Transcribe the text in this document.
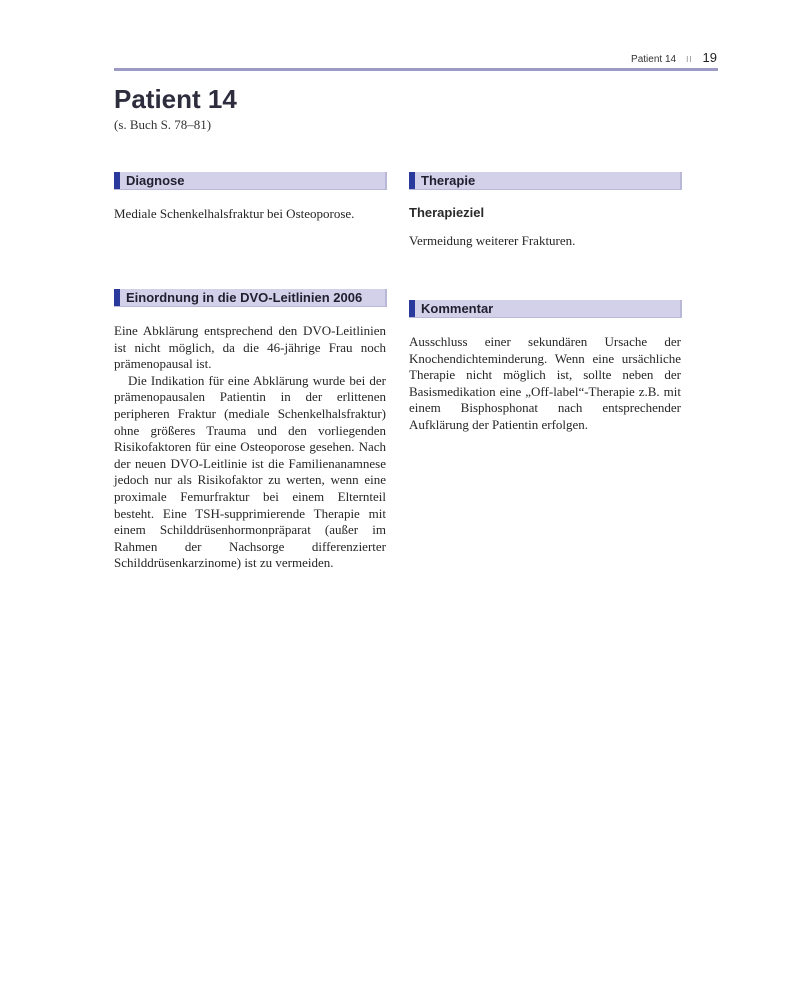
Patient 14 II 19
Patient 14
(s. Buch S. 78–81)
Diagnose

Mediale Schenkelhalsfraktur bei Osteoporose.

Einordnung in die DVO-Leitlinien 2006

Eine Abklärung entsprechend den DVO-Leitlinien ist nicht möglich, da die 46-jährige Frau noch prämenopausal ist.

Die Indikation für eine Abklärung wurde bei der prämenopausalen Patientin in der erlittenen peripheren Fraktur (mediale Schenkelhalsfraktur) ohne größeres Trauma und den vorliegenden Risikofaktoren für eine Osteoporose gesehen. Nach der neuen DVO-Leitlinie ist die Familienanamnese jedoch nur als Risikofaktor zu werten, wenn eine proximale Femurfraktur bei einem Elternteil besteht. Eine TSH-supprimierende Therapie mit einem Schilddrüsenhormonpräparat (außer im Rahmen der Nachsorge differenzierter Schilddrüsenkarzinome) ist zu vermeiden.

Therapie
Therapieziel

Vermeidung weiterer Frakturen.

Kommentar

Ausschluss einer sekundären Ursache der Knochendichteminderung. Wenn eine ursächliche Therapie nicht möglich ist, sollte neben der Basismedikation eine „Off-label“-Therapie z.B. mit einem Bisphosphonat nach entsprechender Aufklärung der Patientin erfolgen.
